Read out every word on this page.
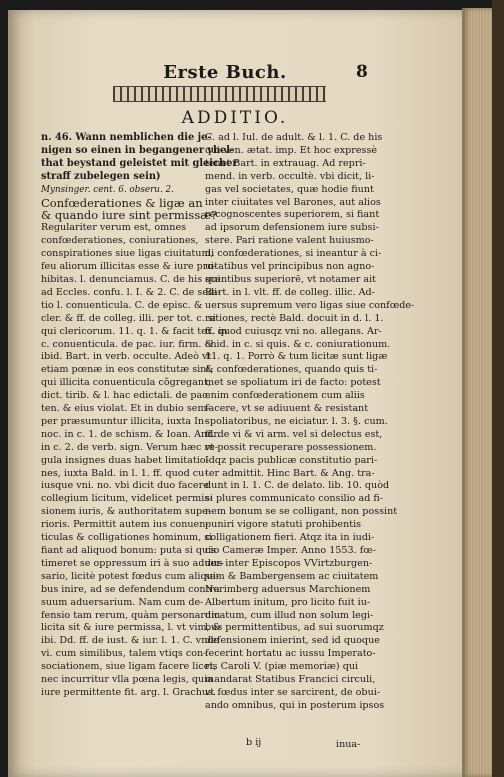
Erste Buch.	8
ADDITIO.
n. 46. Wann nemblichen die je-
nigen so einen in begangener vbel-
that beystand geleistet mit gleicher
straff zubelegen sein)
Mynsinger. cent. 6. obseru. 2.
Confœderationes & ligæ an
& quando iure sint permissæ?
Regulariter verum est, omnes
confœderationes, coniurationes,
conspirationes siue ligas ciuitatum,
feu aliorum illicitas esse & iure pro-
hibitas. l. denunciamus. C. de his qui
ad Eccles. confu. l. I. & 2. C. de sedi-
tio l. conuenticula. C. de episc. &
cler. & ff. de colleg. illi. per tot. c. si
qui clericorum. 11. q. 1. & facit tex. in
c. conuenticula. de pac. iur. firm. &
ibid. Bart. in verb. occulte. Adeò vt
etiam pœnæ in eos constitutæ sint,
qui illicita conuenticula cõgregant,
dict. tirib. & l. hac edictali. de pac.
ten. & eius violat. Et in dubio sem-
per præsumuntur illicita, iuxta In-
noc. in c. 1. de schism. & Ioan. Andr.
in c. 2. de verb. sign. Verum hæc re-
gula insignes duas habet limitatio-
nes, iuxta Bald. in l. 1. ff. quod cu-
iusque vni. no. vbi dicit duo facere
collegium licitum, videlicet permis-
sionem iuris, & authoritatem supe-
rioris. Permittit autem ius conuen-
ticulas & colligationes hominum, si
fiant ad aliquod bonum: puta si quis
timeret se oppressum iri à suo aduer-
sario, licitè potest fœdus cum aliqui-
bus inire, ad se defendendum contra
suum aduersarium. Nam cum de-
fensio tam rerum, quàm personarum
licita sit & iure permissa, l. vt vim, &
ibi. Dd. ff. de iust. & iur. l. 1. C. vnde
vi. cum similibus, talem vtiqs con-
sociationem, siue ligam facere licet,
nec incurritur vlla pœna legis, quia
iure permittente fit. arg. l. Grachus.
C. ad l. Iul. de adult. & l. 1. C. de his
qui ven. ætat. imp. Et hoc expressè
tenet Bart. in extrauag. Ad repri-
mend. in verb. occultè. vbi dicit, li-
gas vel societates, quæ hodie fiunt
inter ciuitates vel Barones, aut alios
recognoscentes superiorem, si fiant
ad ipsorum defensionem iure subsi-
stere. Pari ratione valent huiusmo-
di confœderationes, si ineantur à ci-
uitatibus vel principibus non agno-
scentibus superiorē, vt notamer ait
Bart. in l. vlt. ff. de colleg. illic. Ad-
uersus supremum vero ligas siue confœde-
rationes, rectè Bald. docuit in d. l. 1.
ff. quod cuiusqz vni no. allegans. Ar-
chid. in c. si quis. & c. coniurationum.
11. q. 1. Porrò & tum licitæ sunt ligæ
& confœderationes, quando quis ti-
met se spoliatum iri de facto: potest
enim confœderationem cum aliis
facere, vt se adiuuent & resistant
spoliatoribus, ne eiciatur. l. 3. §. cum.
ff. de vi & vi arm. vel si delectus est,
vt possit recuperare possessionem.
Idqz pacis publicæ constitutio pari-
ter admittit. Hinc Bart. & Ang. tra-
dunt in l. 1. C. de delato. lib. 10. quòd
si plures communicato consilio ad fi-
nem bonum se se colligant, non possint
puniri vigore statuti prohibentis
colligationem fieri. Atqz ita in iudi-
cio Cameræ Imper. Anno 1553. fœ-
dus inter Episcopos VVirtzburgen-
sem & Bambergensem ac ciuitatem
Norimberg aduersus Marchionem
Albertum initum, pro licito fuit iu-
dicatum, cum illud non solum legi-
bus permittentibus, ad sui suorumqz
defensionem inierint, sed id quoque
fecerint hortatu ac iussu Imperato-
ris Caroli V. (piæ memoriæ) qui
mandarat Statibus Francici circuli,
vt fœdus inter se sarcirent, de obui-
ando omnibus, qui in posterum ipsos
b ij	inua-
